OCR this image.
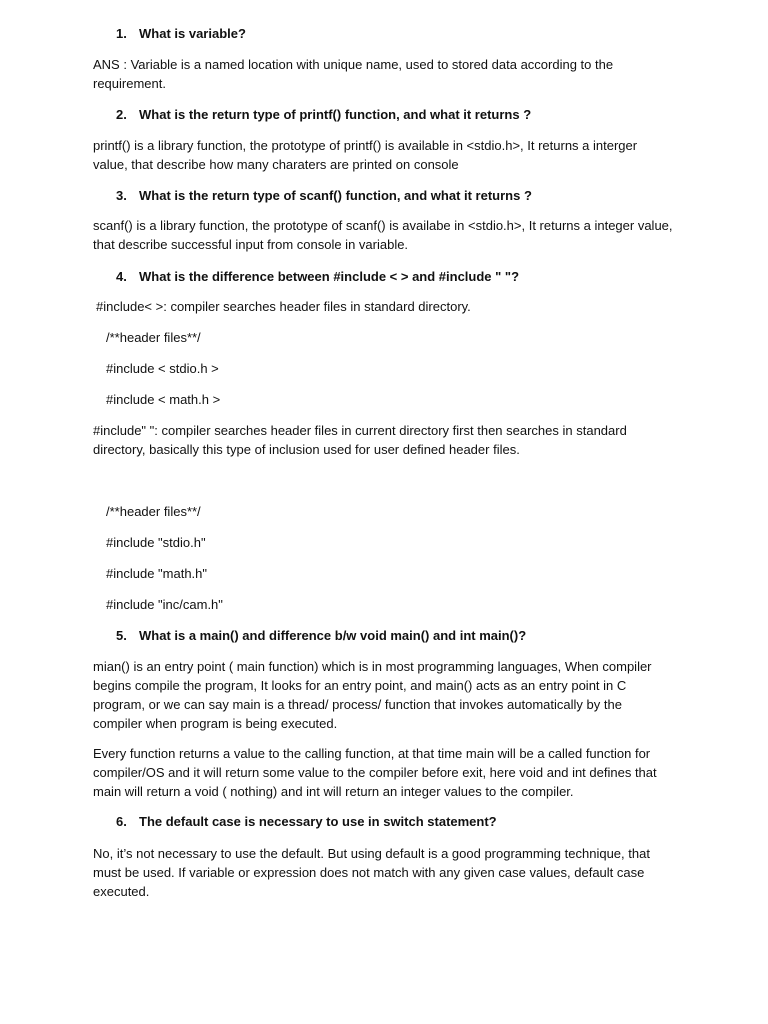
1. What is variable?
ANS : Variable is a named location with unique name, used to stored data according to the requirement.
2. What is the return type of printf() function, and what it returns ?
printf() is a library function, the prototype of printf() is available in <stdio.h>, It returns a interger value, that describe how many charaters are printed on console
3. What is the return type of scanf() function, and what it returns ?
scanf() is a library function, the prototype of scanf() is availabe in <stdio.h>, It returns a integer value, that describe successful input from console in variable.
4. What is the difference between #include < > and #include " "?
#include< >: compiler searches header files in standard directory.
/**header files**/
#include < stdio.h >
#include < math.h >
#include" ": compiler searches header files in current directory first then searches in standard directory, basically this type of inclusion used for user defined header files.
/**header files**/
#include "stdio.h"
#include "math.h"
#include "inc/cam.h"
5. What is a main() and difference b/w void main() and int main()?
mian() is an entry point ( main function) which is in most programming languages, When compiler begins compile the program, It looks for an entry point, and main() acts as an entry point in C program, or we can say main is a thread/ process/ function that invokes automatically by the compiler when program is being executed.
Every function returns a value to the calling function, at that time main will be a called function for compiler/OS and it will return some value to the compiler before exit, here void and int defines that main will return a void ( nothing) and int will return an integer values to the compiler.
6. The default case is necessary to use in switch statement?
No, it’s not necessary to use the default. But using default is a good programming technique, that must be used. If variable or expression does not match with any given case values, default case executed.
